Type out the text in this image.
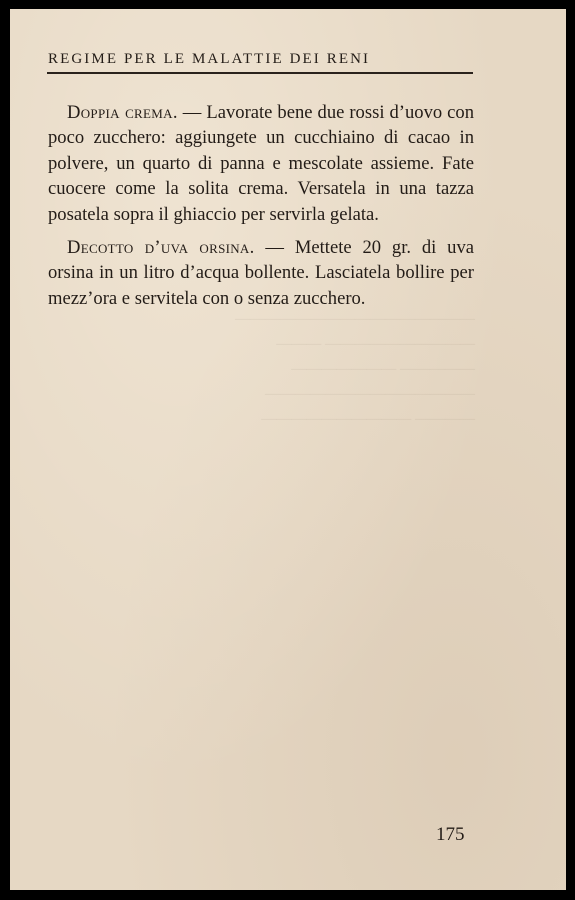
————————————————
—————————— ———
————— ———————
——————————————
———— ——————————
REGIME PER LE MALATTIE DEI RENI

Doppia crema. — Lavorate bene due rossi d’uovo con poco zucchero: aggiungete un cucchiaino di cacao in polvere, un quarto di panna e mescolate assieme. Fate cuocere come la solita crema. Versatela in una tazza posatela sopra il ghiaccio per servirla gelata.

Decotto d’uva orsina. — Mettete 20 gr. di uva orsina in un litro d’acqua bollente. Lasciatela bollire per mezz’ora e servitela con o senza zucchero.

175
